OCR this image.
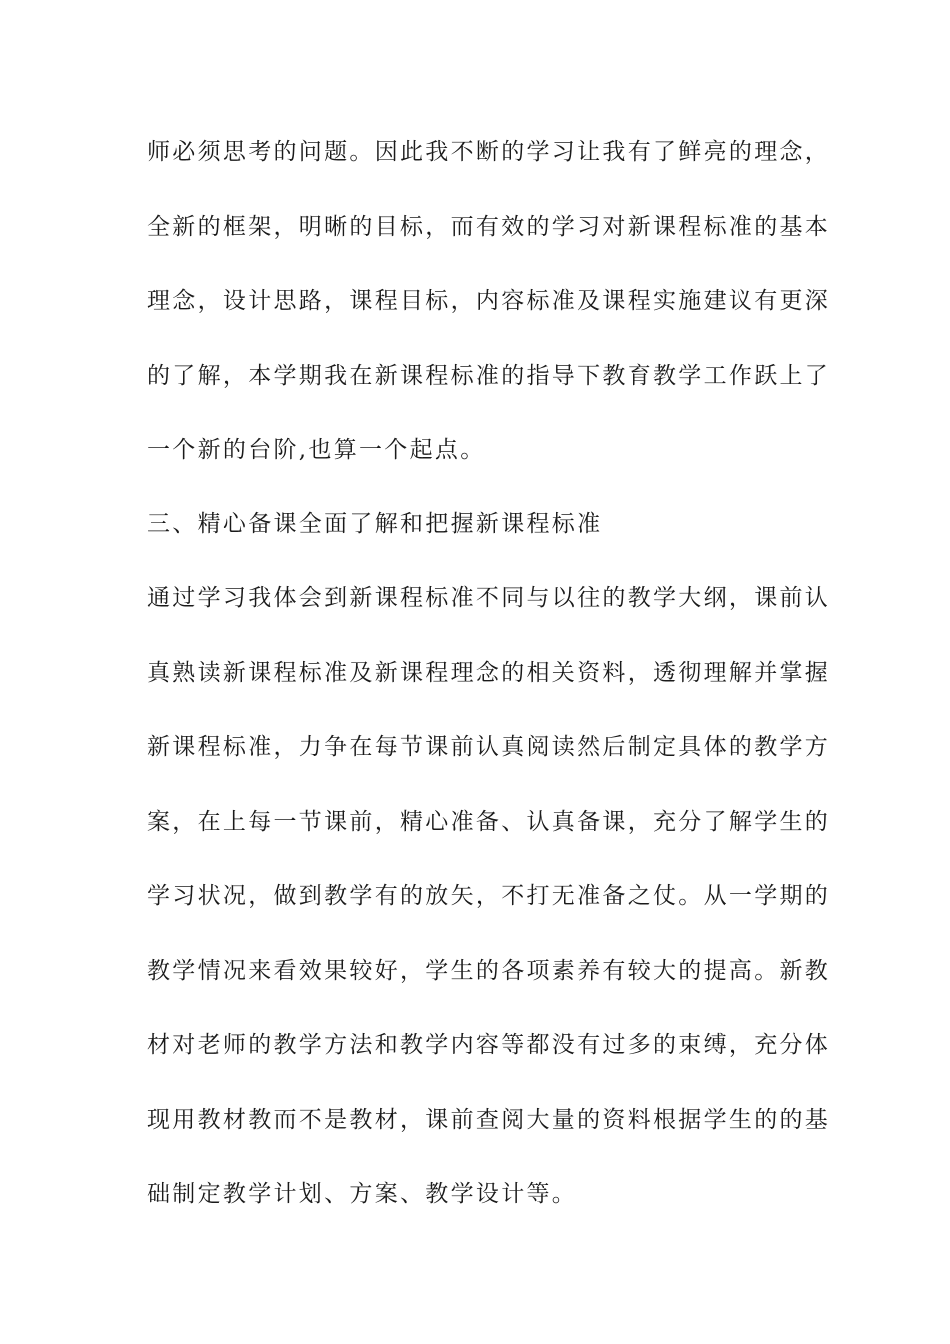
师必须思考的问题。因此我不断的学习让我有了鲜亮的理念，
全新的框架，明晰的目标，而有效的学习对新课程标准的基本
理念，设计思路，课程目标，内容标准及课程实施建议有更深
的了解，本学期我在新课程标准的指导下教育教学工作跃上了
一个新的台阶,也算一个起点。
三、精心备课全面了解和把握新课程标准
通过学习我体会到新课程标准不同与以往的教学大纲，课前认
真熟读新课程标准及新课程理念的相关资料，透彻理解并掌握
新课程标准，力争在每节课前认真阅读然后制定具体的教学方
案，在上每一节课前，精心准备、认真备课，充分了解学生的
学习状况，做到教学有的放矢，不打无准备之仗。从一学期的
教学情况来看效果较好，学生的各项素养有较大的提高。新教
材对老师的教学方法和教学内容等都没有过多的束缚，充分体
现用教材教而不是教材，课前查阅大量的资料根据学生的的基
础制定教学计划、方案、教学设计等。
